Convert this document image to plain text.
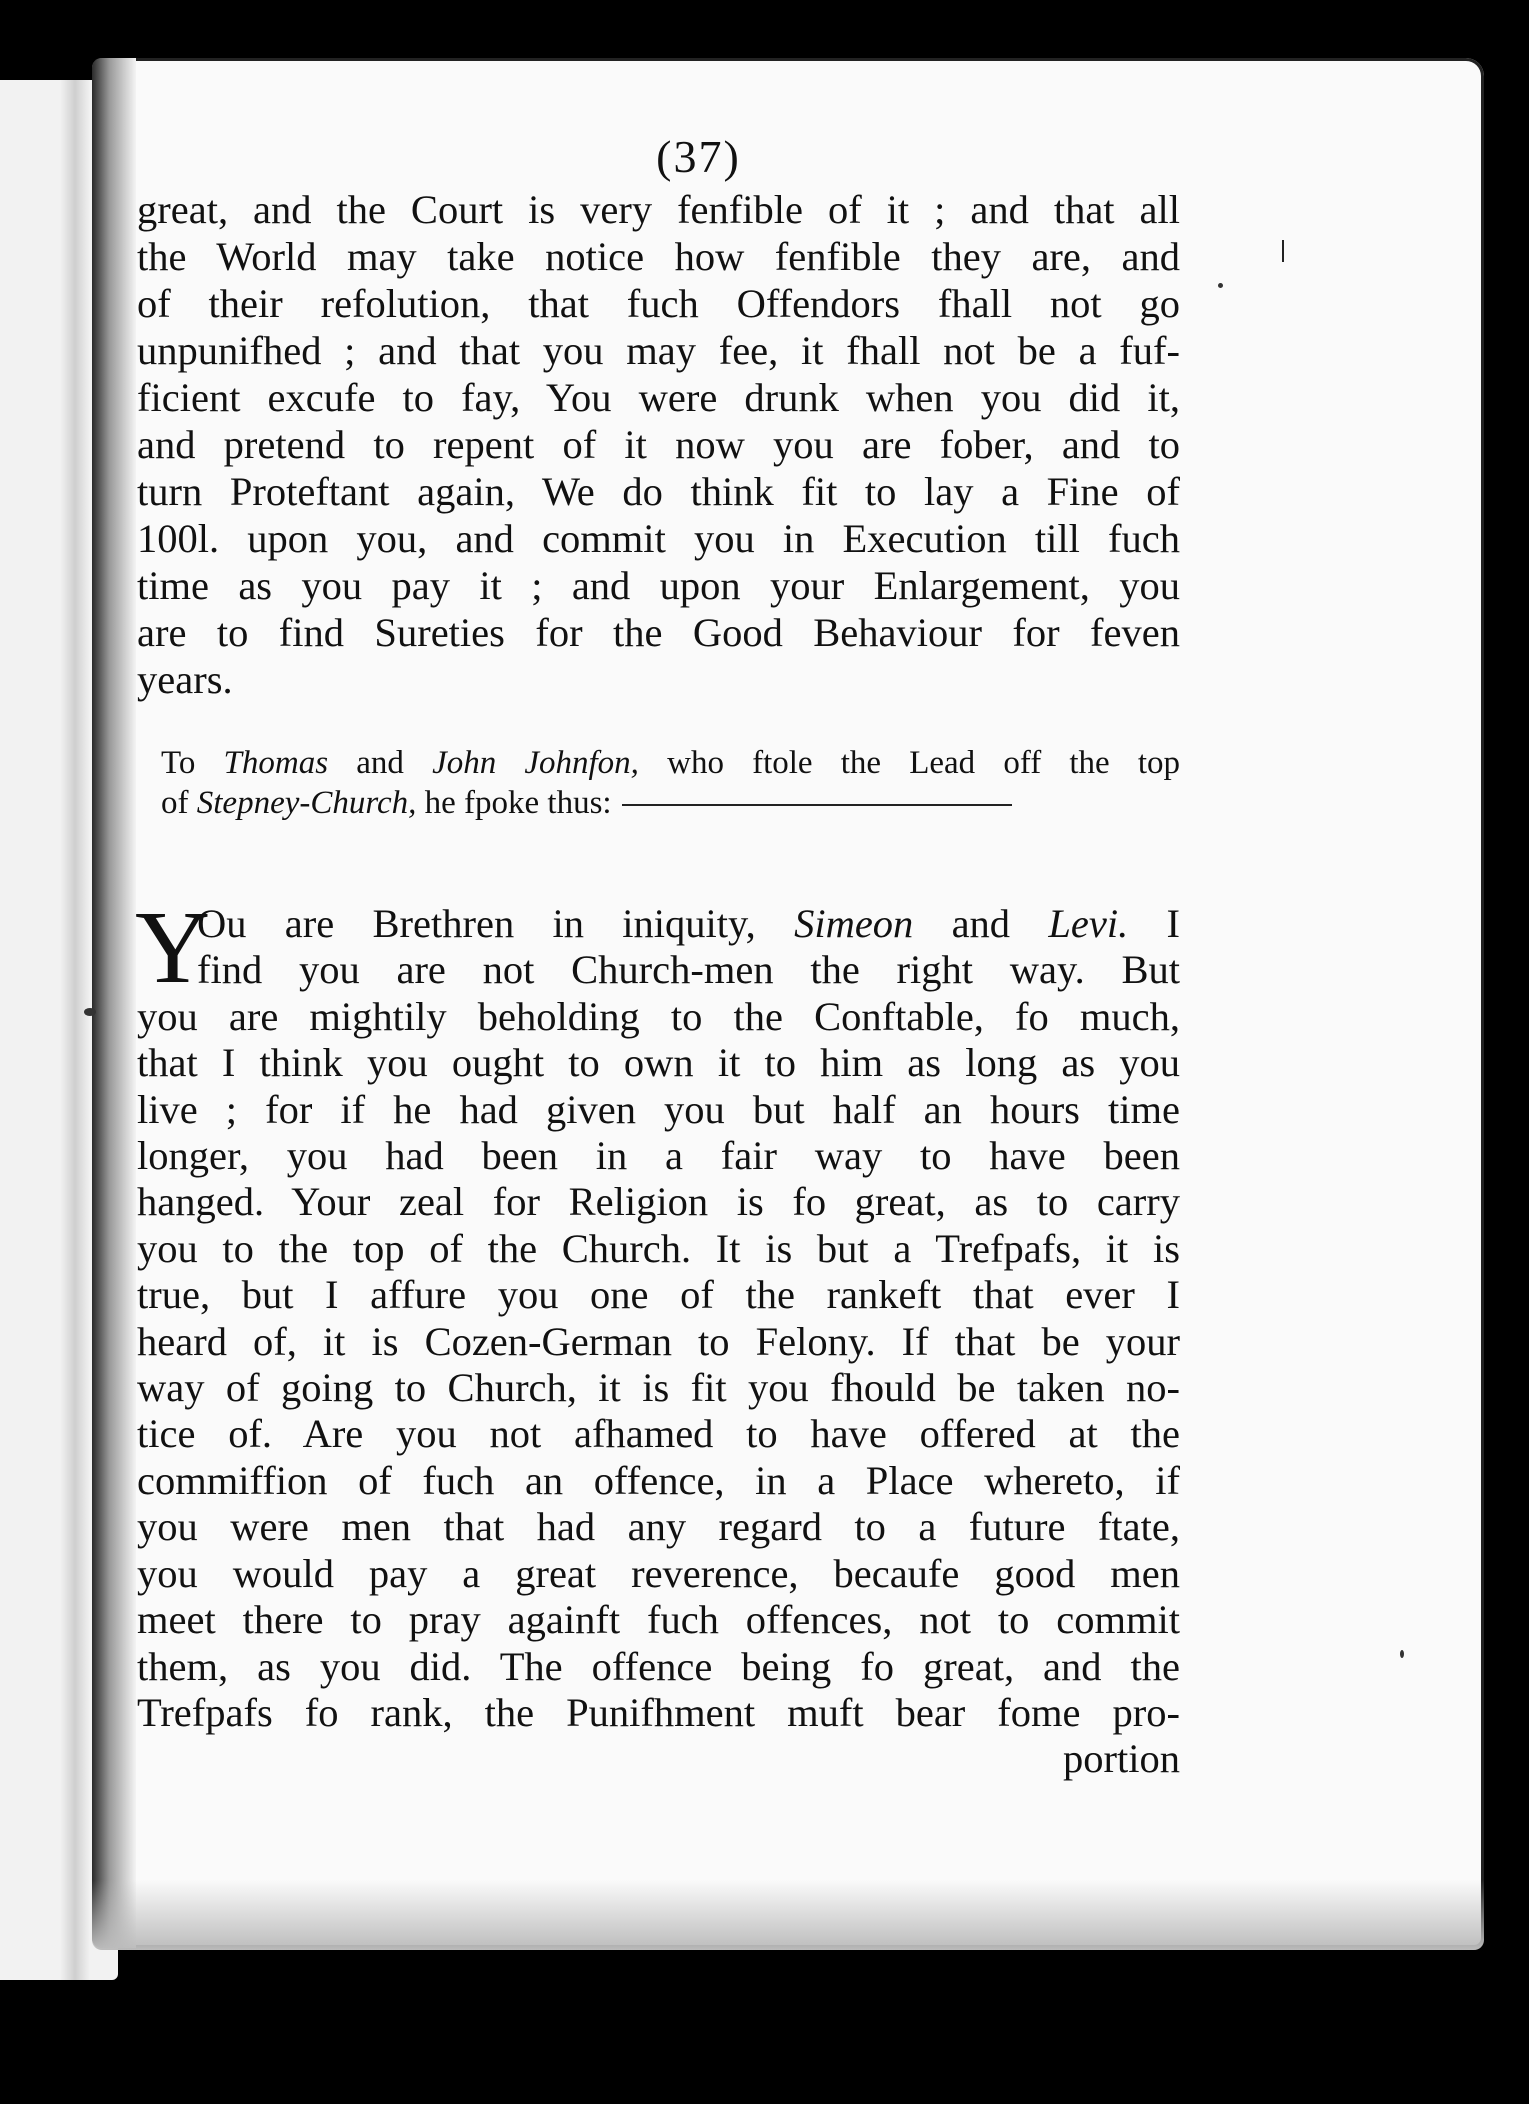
(37)
great, and the Court is very fenfible of it ; and that all
the World may take notice how fenfible they are, and
of their refolution, that fuch Offendors fhall not go
unpunifhed ; and that you may fee, it fhall not be a fuf-
ficient excufe to fay, You were drunk when you did it,
and pretend to repent of it now you are fober, and to
turn Proteftant again, We do think fit to lay a Fine of
100l. upon you, and commit you in Execution till fuch
time as you pay it ; and upon your Enlargement, you
are to find Sureties for the Good Behaviour for feven
years.
To Thomas and John Johnfon, who ftole the Lead off the top
of Stepney-Church, he fpoke thus:
Y
Ou are Brethren in iniquity, Simeon and Levi. I
find you are not Church-men the right way. But
you are mightily beholding to the Conftable, fo much,
that I think you ought to own it to him as long as you
live ; for if he had given you but half an hours time
longer, you had been in a fair way to have been
hanged. Your zeal for Religion is fo great, as to carry
you to the top of the Church. It is but a Trefpafs, it is
true, but I affure you one of the rankeft that ever I
heard of, it is Cozen-German to Felony. If that be your
way of going to Church, it is fit you fhould be taken no-
tice of. Are you not afhamed to have offered at the
commiffion of fuch an offence, in a Place whereto, if
you were men that had any regard to a future ftate,
you would pay a great reverence, becaufe good men
meet there to pray againft fuch offences, not to commit
them, as you did. The offence being fo great, and the
Trefpafs fo rank, the Punifhment muft bear fome pro-
portion
